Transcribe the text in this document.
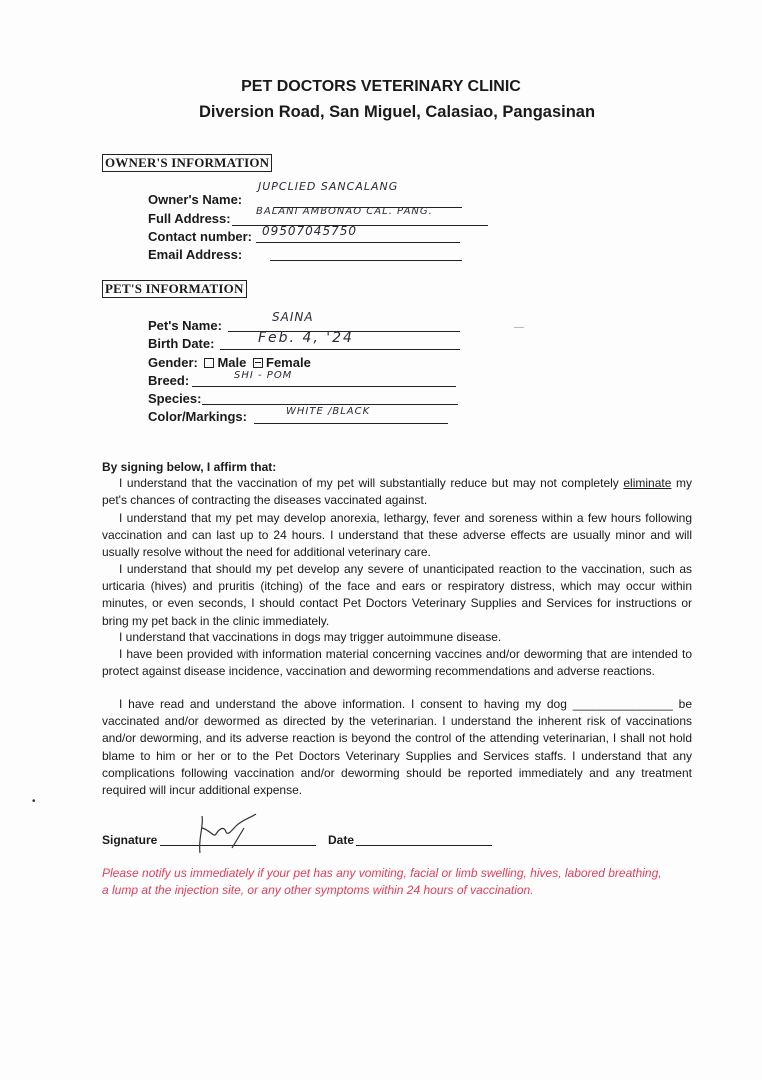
PET DOCTORS VETERINARY CLINIC
Diversion Road, San Miguel, Calasiao, Pangasinan
OWNER'S INFORMATION
Owner's Name:
JUPCLIED SANCALANG
Full Address:	BALANI AMBONAO CAL. PANG.
Contact number: 09507045750
Email Address:
PET'S INFORMATION
Pet's Name:
SAINA
Birth Date:	Feb. 4, '24
Gender: Male Female
Breed:	SHI - POM
Species:
Color/Markings:	WHITE /BLACK
By signing below, I affirm that:
I understand that the vaccination of my pet will substantially reduce but may not completely eliminate my pet's chances of contracting the diseases vaccinated against.
I understand that my pet may develop anorexia, lethargy, fever and soreness within a few hours following vaccination and can last up to 24 hours. I understand that these adverse effects are usually minor and will usually resolve without the need for additional veterinary care.
I understand that should my pet develop any severe of unanticipated reaction to the vaccination, such as urticaria (hives) and pruritis (itching) of the face and ears or respiratory distress, which may occur within minutes, or even seconds, I should contact Pet Doctors Veterinary Supplies and Services for instructions or bring my pet back in the clinic immediately.
I understand that vaccinations in dogs may trigger autoimmune disease.
I have been provided with information material concerning vaccines and/or deworming that are intended to protect against disease incidence, vaccination and deworming recommendations and adverse reactions.
I have read and understand the above information. I consent to having my dog _______________ be vaccinated and/or dewormed as directed by the veterinarian. I understand the inherent risk of vaccinations and/or deworming, and its adverse reaction is beyond the control of the attending veterinarian, I shall not hold blame to him or her or to the Pet Doctors Veterinary Supplies and Services staffs. I understand that any complications following vaccination and/or deworming should be reported immediately and any treatment required will incur additional expense.
Signature	Date
Please notify us immediately if your pet has any vomiting, facial or limb swelling, hives, labored breathing, a lump at the injection site, or any other symptoms within 24 hours of vaccination.
—
•
